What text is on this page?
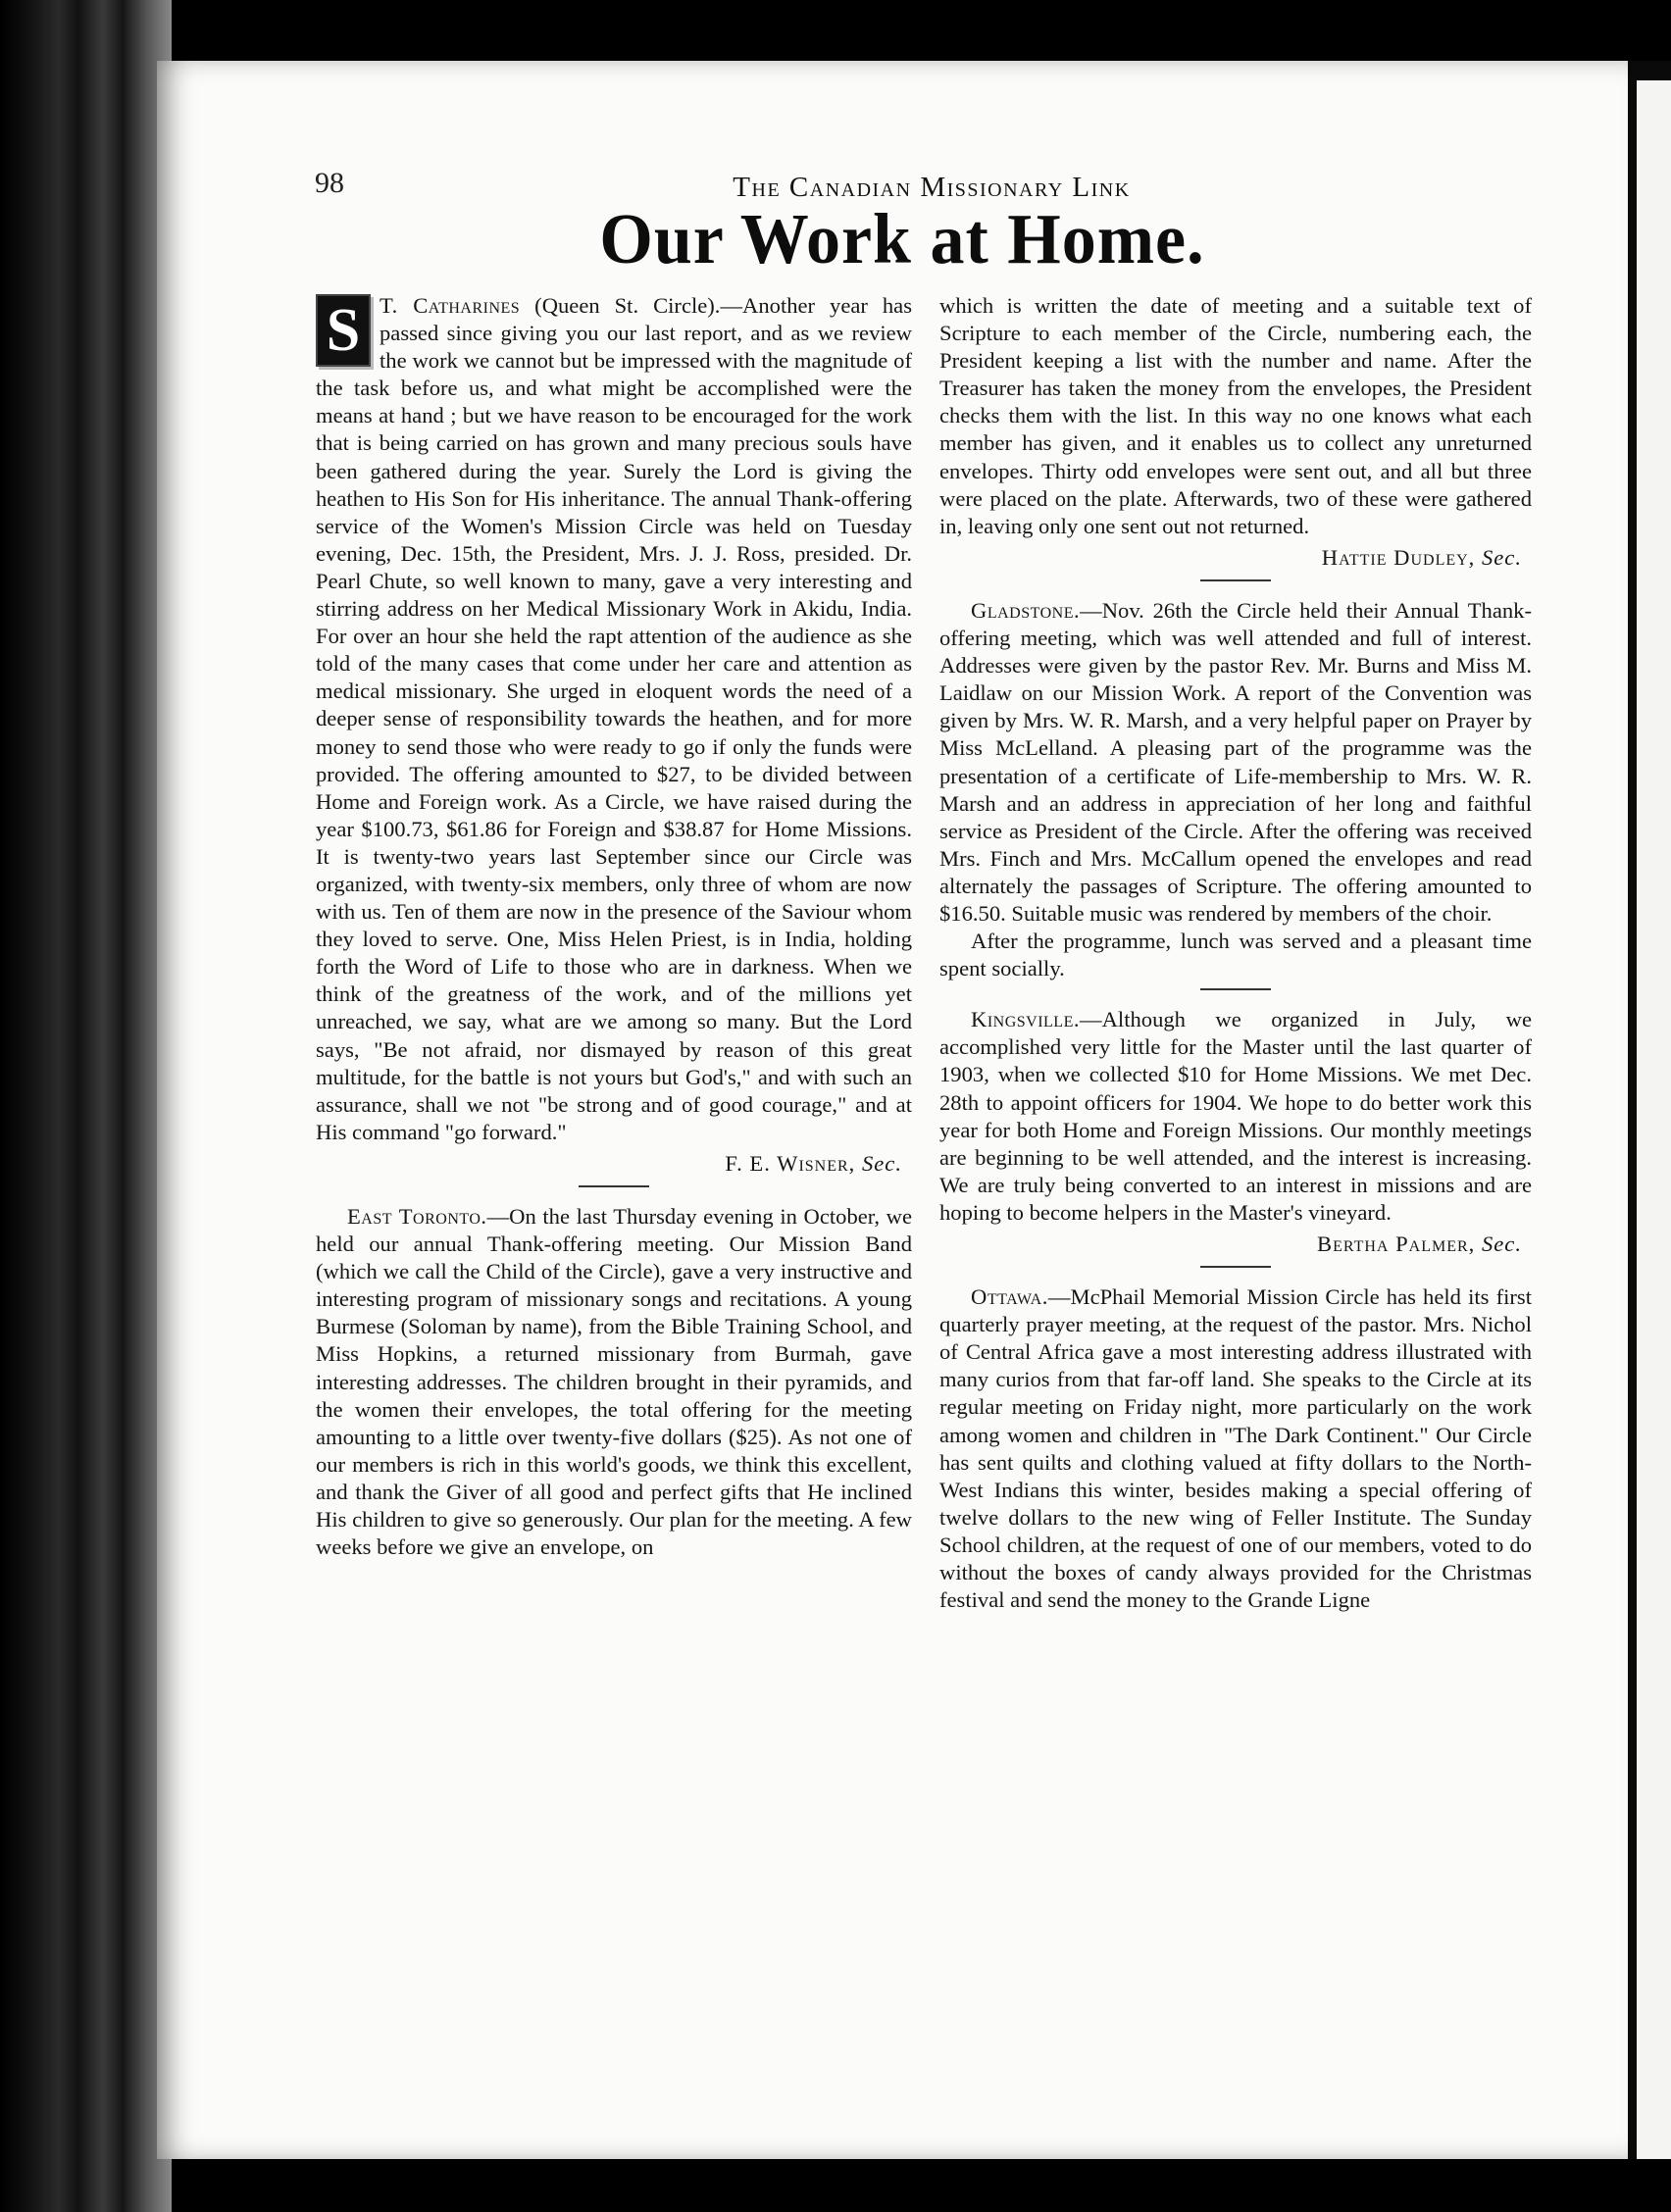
98	The Canadian Missionary Link
Our Work at Home.

S T. Catharines (Queen St. Circle).—Another year has passed since giving you our last report, and as we review the work we cannot but be impressed with the magnitude of the task before us, and what might be accomplished were the means at hand ; but we have reason to be encouraged for the work that is being carried on has grown and many precious souls have been gathered during the year. Surely the Lord is giving the heathen to His Son for His inheritance. The annual Thank-offering service of the Women's Mission Circle was held on Tuesday evening, Dec. 15th, the President, Mrs. J. J. Ross, presided. Dr. Pearl Chute, so well known to many, gave a very interesting and stirring address on her Medical Missionary Work in Akidu, India. For over an hour she held the rapt attention of the audience as she told of the many cases that come under her care and attention as medical missionary. She urged in eloquent words the need of a deeper sense of responsibility towards the heathen, and for more money to send those who were ready to go if only the funds were provided. The offering amounted to $27, to be divided between Home and Foreign work. As a Circle, we have raised during the year $100.73, $61.86 for Foreign and $38.87 for Home Missions. It is twenty-two years last September since our Circle was organized, with twenty-six members, only three of whom are now with us. Ten of them are now in the presence of the Saviour whom they loved to serve. One, Miss Helen Priest, is in India, holding forth the Word of Life to those who are in darkness. When we think of the greatness of the work, and of the millions yet unreached, we say, what are we among so many. But the Lord says, "Be not afraid, nor dismayed by reason of this great multitude, for the battle is not yours but God's," and with such an assurance, shall we not "be strong and of good courage," and at His command "go forward."

F. E. Wisner, Sec.

East Toronto.—On the last Thursday evening in October, we held our annual Thank-offering meeting. Our Mission Band (which we call the Child of the Circle), gave a very instructive and interesting program of missionary songs and recitations. A young Burmese (Soloman by name), from the Bible Training School, and Miss Hopkins, a returned missionary from Burmah, gave interesting addresses. The children brought in their pyramids, and the women their envelopes, the total offering for the meeting amounting to a little over twenty-five dollars ($25). As not one of our members is rich in this world's goods, we think this excellent, and thank the Giver of all good and perfect gifts that He inclined His children to give so generously. Our plan for the meeting. A few weeks before we give an envelope, on

which is written the date of meeting and a suitable text of Scripture to each member of the Circle, numbering each, the President keeping a list with the number and name. After the Treasurer has taken the money from the envelopes, the President checks them with the list. In this way no one knows what each member has given, and it enables us to collect any unreturned envelopes. Thirty odd envelopes were sent out, and all but three were placed on the plate. Afterwards, two of these were gathered in, leaving only one sent out not returned.

Hattie Dudley, Sec.

Gladstone.—Nov. 26th the Circle held their Annual Thank-offering meeting, which was well attended and full of interest. Addresses were given by the pastor Rev. Mr. Burns and Miss M. Laidlaw on our Mission Work. A report of the Convention was given by Mrs. W. R. Marsh, and a very helpful paper on Prayer by Miss McLelland. A pleasing part of the programme was the presentation of a certificate of Life-membership to Mrs. W. R. Marsh and an address in appreciation of her long and faithful service as President of the Circle. After the offering was received Mrs. Finch and Mrs. McCallum opened the envelopes and read alternately the passages of Scripture. The offering amounted to $16.50. Suitable music was rendered by members of the choir.

After the programme, lunch was served and a pleasant time spent socially.

Kingsville.—Although we organized in July, we accomplished very little for the Master until the last quarter of 1903, when we collected $10 for Home Missions. We met Dec. 28th to appoint officers for 1904. We hope to do better work this year for both Home and Foreign Missions. Our monthly meetings are beginning to be well attended, and the interest is increasing. We are truly being converted to an interest in missions and are hoping to become helpers in the Master's vineyard.

Bertha Palmer, Sec.

Ottawa.—McPhail Memorial Mission Circle has held its first quarterly prayer meeting, at the request of the pastor. Mrs. Nichol of Central Africa gave a most interesting address illustrated with many curios from that far-off land. She speaks to the Circle at its regular meeting on Friday night, more particularly on the work among women and children in "The Dark Continent." Our Circle has sent quilts and clothing valued at fifty dollars to the North-West Indians this winter, besides making a special offering of twelve dollars to the new wing of Feller Institute. The Sunday School children, at the request of one of our members, voted to do without the boxes of candy always provided for the Christmas festival and send the money to the Grande Ligne
